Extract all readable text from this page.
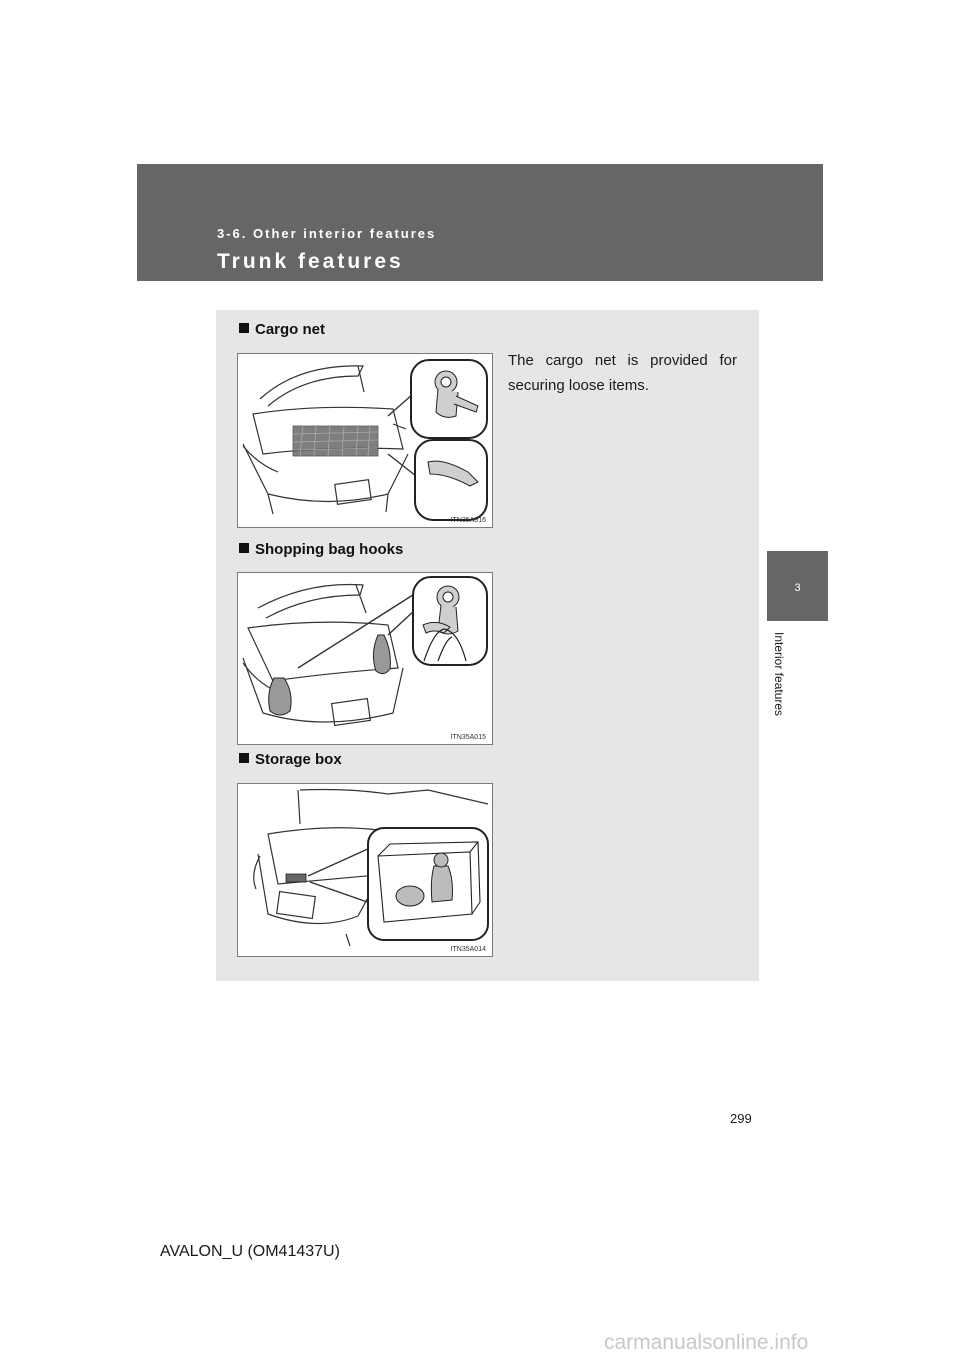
3-6. Other interior features
Trunk features
3
Interior features
Cargo net
The cargo net is provided for securing loose items.
ITN35A016
Shopping bag hooks
ITN35A015
Storage box
ITN35A014
299
AVALON_U (OM41437U)
carmanualsonline.info
